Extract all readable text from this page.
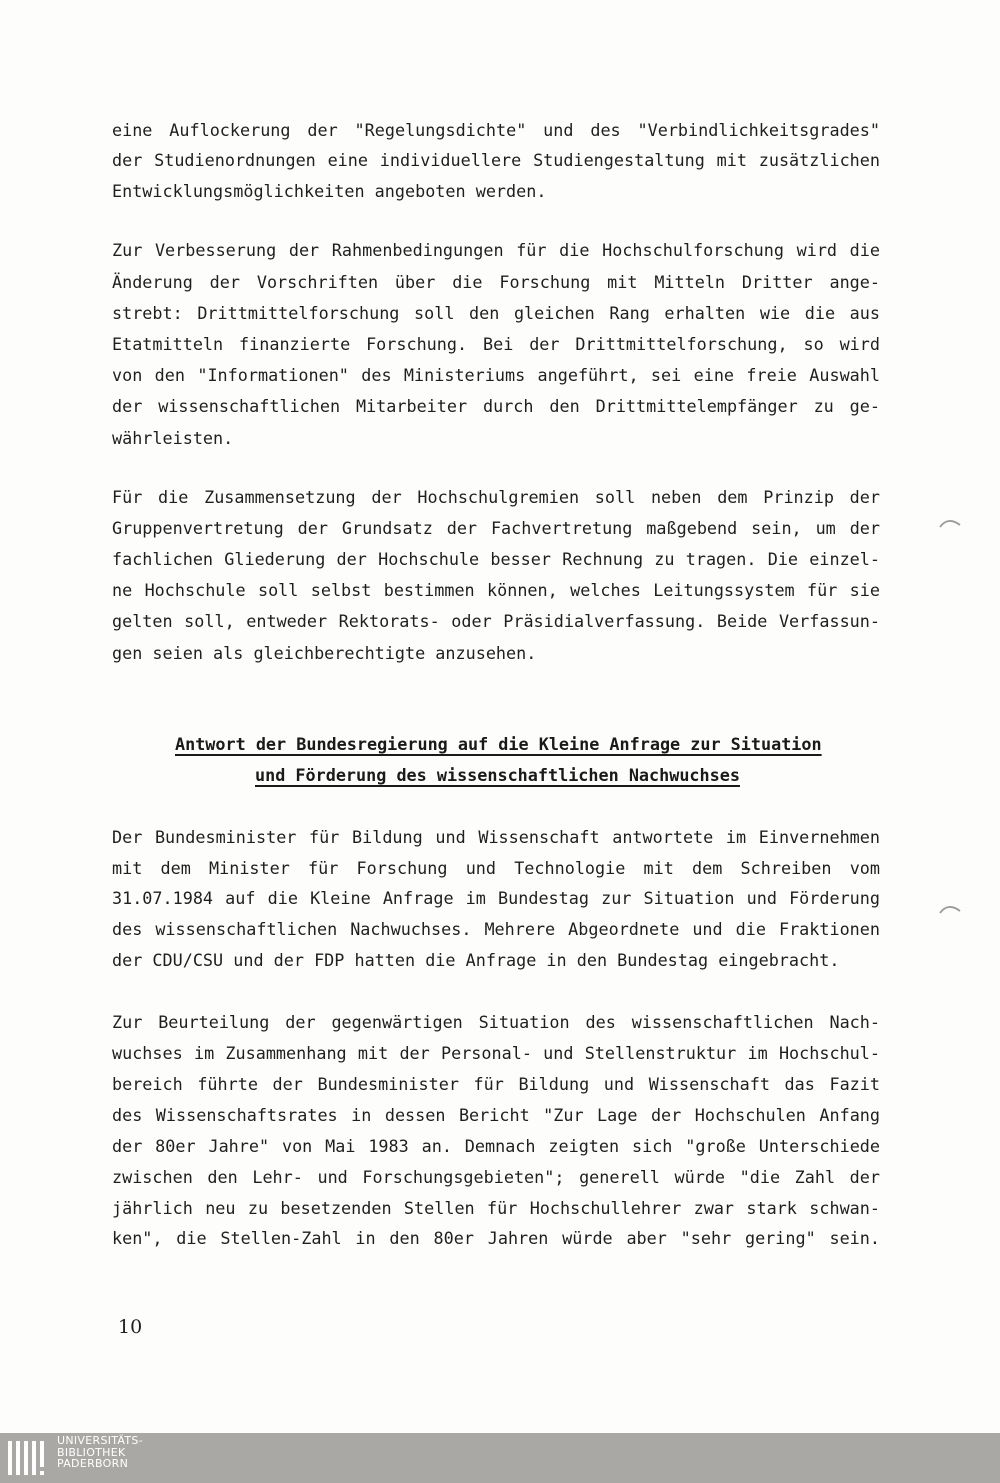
eine Auflockerung der "Regelungsdichte" und des "Verbindlichkeitsgrades"
der Studienordnungen eine individuellere Studiengestaltung mit zusätzlichen
Entwicklungsmöglichkeiten angeboten werden.
Zur Verbesserung der Rahmenbedingungen für die Hochschulforschung wird die
Änderung der Vorschriften über die Forschung mit Mitteln Dritter ange-
strebt: Drittmittelforschung soll den gleichen Rang erhalten wie die aus
Etatmitteln finanzierte Forschung. Bei der Drittmittelforschung, so wird
von den "Informationen" des Ministeriums angeführt, sei eine freie Auswahl
der wissenschaftlichen Mitarbeiter durch den Drittmittelempfänger zu ge-
währleisten.
Für die Zusammensetzung der Hochschulgremien soll neben dem Prinzip der
Gruppenvertretung der Grundsatz der Fachvertretung maßgebend sein, um der
fachlichen Gliederung der Hochschule besser Rechnung zu tragen. Die einzel-
ne Hochschule soll selbst bestimmen können, welches Leitungssystem für sie
gelten soll, entweder Rektorats- oder Präsidialverfassung. Beide Verfassun-
gen seien als gleichberechtigte anzusehen.
Antwort der Bundesregierung auf die Kleine Anfrage zur Situation
und Förderung des wissenschaftlichen Nachwuchses
Der Bundesminister für Bildung und Wissenschaft antwortete im Einvernehmen
mit dem Minister für Forschung und Technologie mit dem Schreiben vom
31.07.1984 auf die Kleine Anfrage im Bundestag zur Situation und Förderung
des wissenschaftlichen Nachwuchses. Mehrere Abgeordnete und die Fraktionen
der CDU/CSU und der FDP hatten die Anfrage in den Bundestag eingebracht.
Zur Beurteilung der gegenwärtigen Situation des wissenschaftlichen Nach-
wuchses im Zusammenhang mit der Personal- und Stellenstruktur im Hochschul-
bereich führte der Bundesminister für Bildung und Wissenschaft das Fazit
des Wissenschaftsrates in dessen Bericht "Zur Lage der Hochschulen Anfang
der 80er Jahre" von Mai 1983 an. Demnach zeigten sich "große Unterschiede
zwischen den Lehr- und Forschungsgebieten"; generell würde "die Zahl der
jährlich neu zu besetzenden Stellen für Hochschullehrer zwar stark schwan-
ken", die Stellen-Zahl in den 80er Jahren würde aber "sehr gering" sein.
10
UNIVERSITÄTS-
BIBLIOTHEK
PADERBORN
